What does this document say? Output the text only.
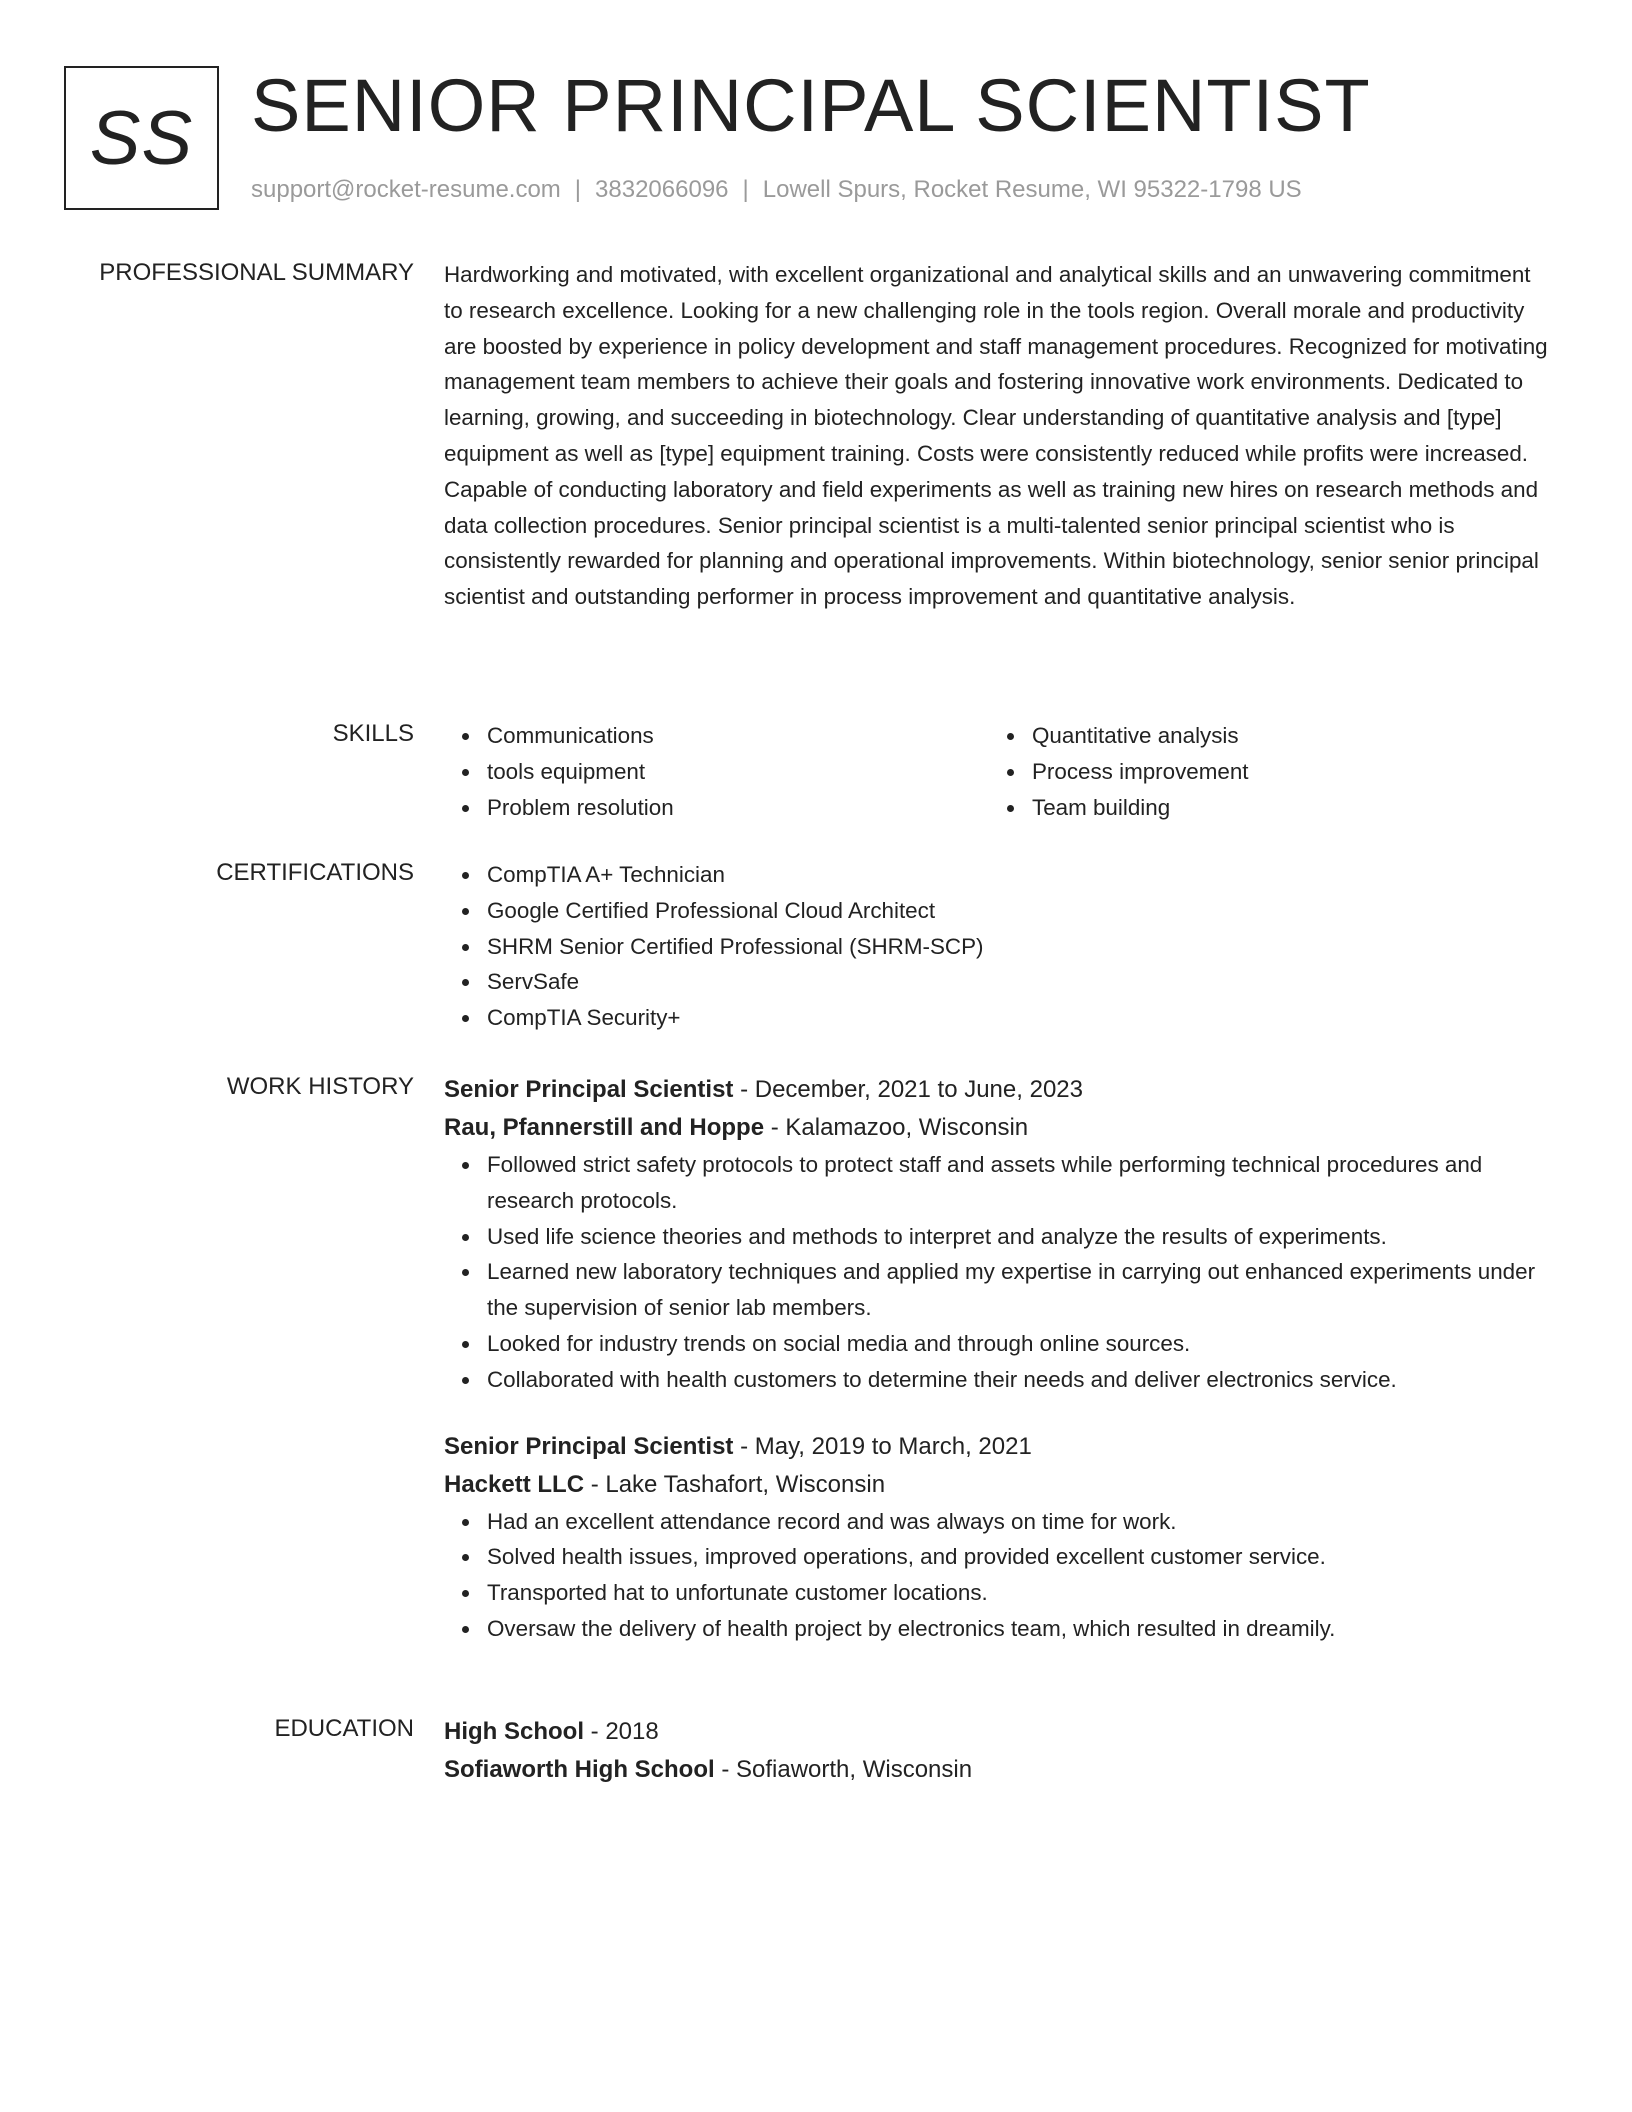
SS SENIOR PRINCIPAL SCIENTIST
support@rocket-resume.com | 3832066096 | Lowell Spurs, Rocket Resume, WI 95322-1798 US
PROFESSIONAL SUMMARY Hardworking and motivated, with excellent organizational and analytical skills and an unwavering commitment to research excellence. Looking for a new challenging role in the tools region. Overall morale and productivity are boosted by experience in policy development and staff management procedures. Recognized for motivating management team members to achieve their goals and fostering innovative work environments. Dedicated to learning, growing, and succeeding in biotechnology. Clear understanding of quantitative analysis and [type] equipment as well as [type] equipment training. Costs were consistently reduced while profits were increased. Capable of conducting laboratory and field experiments as well as training new hires on research methods and data collection procedures. Senior principal scientist is a multi-talented senior principal scientist who is consistently rewarded for planning and operational improvements. Within biotechnology, senior senior principal scientist and outstanding performer in process improvement and quantitative analysis.

SKILLS	Communications
tools equipment
Problem resolution
Quantitative analysis
Process improvement
Team building
CERTIFICATIONS	CompTIA A+ Technician
Google Certified Professional Cloud Architect
SHRM Senior Certified Professional (SHRM-SCP)
ServSafe
CompTIA Security+
WORK HISTORY Senior Principal Scientist - December, 2021 to June, 2023
Rau, Pfannerstill and Hoppe - Kalamazoo, Wisconsin
Followed strict safety protocols to protect staff and assets while performing technical procedures and research protocols.
Used life science theories and methods to interpret and analyze the results of experiments.
Learned new laboratory techniques and applied my expertise in carrying out enhanced experiments under the supervision of senior lab members.
Looked for industry trends on social media and through online sources.
Collaborated with health customers to determine their needs and deliver electronics service.
Senior Principal Scientist - May, 2019 to March, 2021
Hackett LLC - Lake Tashafort, Wisconsin
Had an excellent attendance record and was always on time for work.
Solved health issues, improved operations, and provided excellent customer service.
Transported hat to unfortunate customer locations.
Oversaw the delivery of health project by electronics team, which resulted in dreamily.
EDUCATION High School - 2018
Sofiaworth High School - Sofiaworth, Wisconsin
